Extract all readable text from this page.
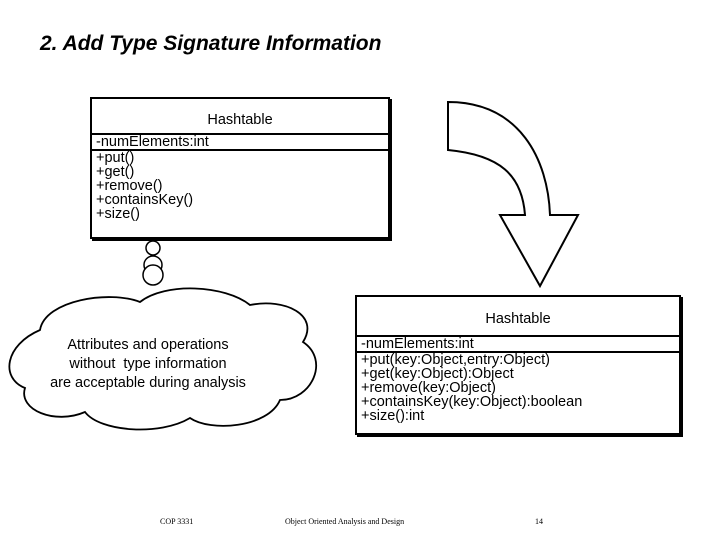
2. Add Type Signature Information
Hashtable
-numElements:int
+put()
+get()
+remove()
+containsKey()
+size()
Hashtable
-numElements:int
+put(key:Object,entry:Object)
+get(key:Object):Object
+remove(key:Object)
+containsKey(key:Object):boolean
+size():int
Attributes and operations
without  type information
are acceptable during analysis
COP 3331	Object Oriented Analysis and Design	14
